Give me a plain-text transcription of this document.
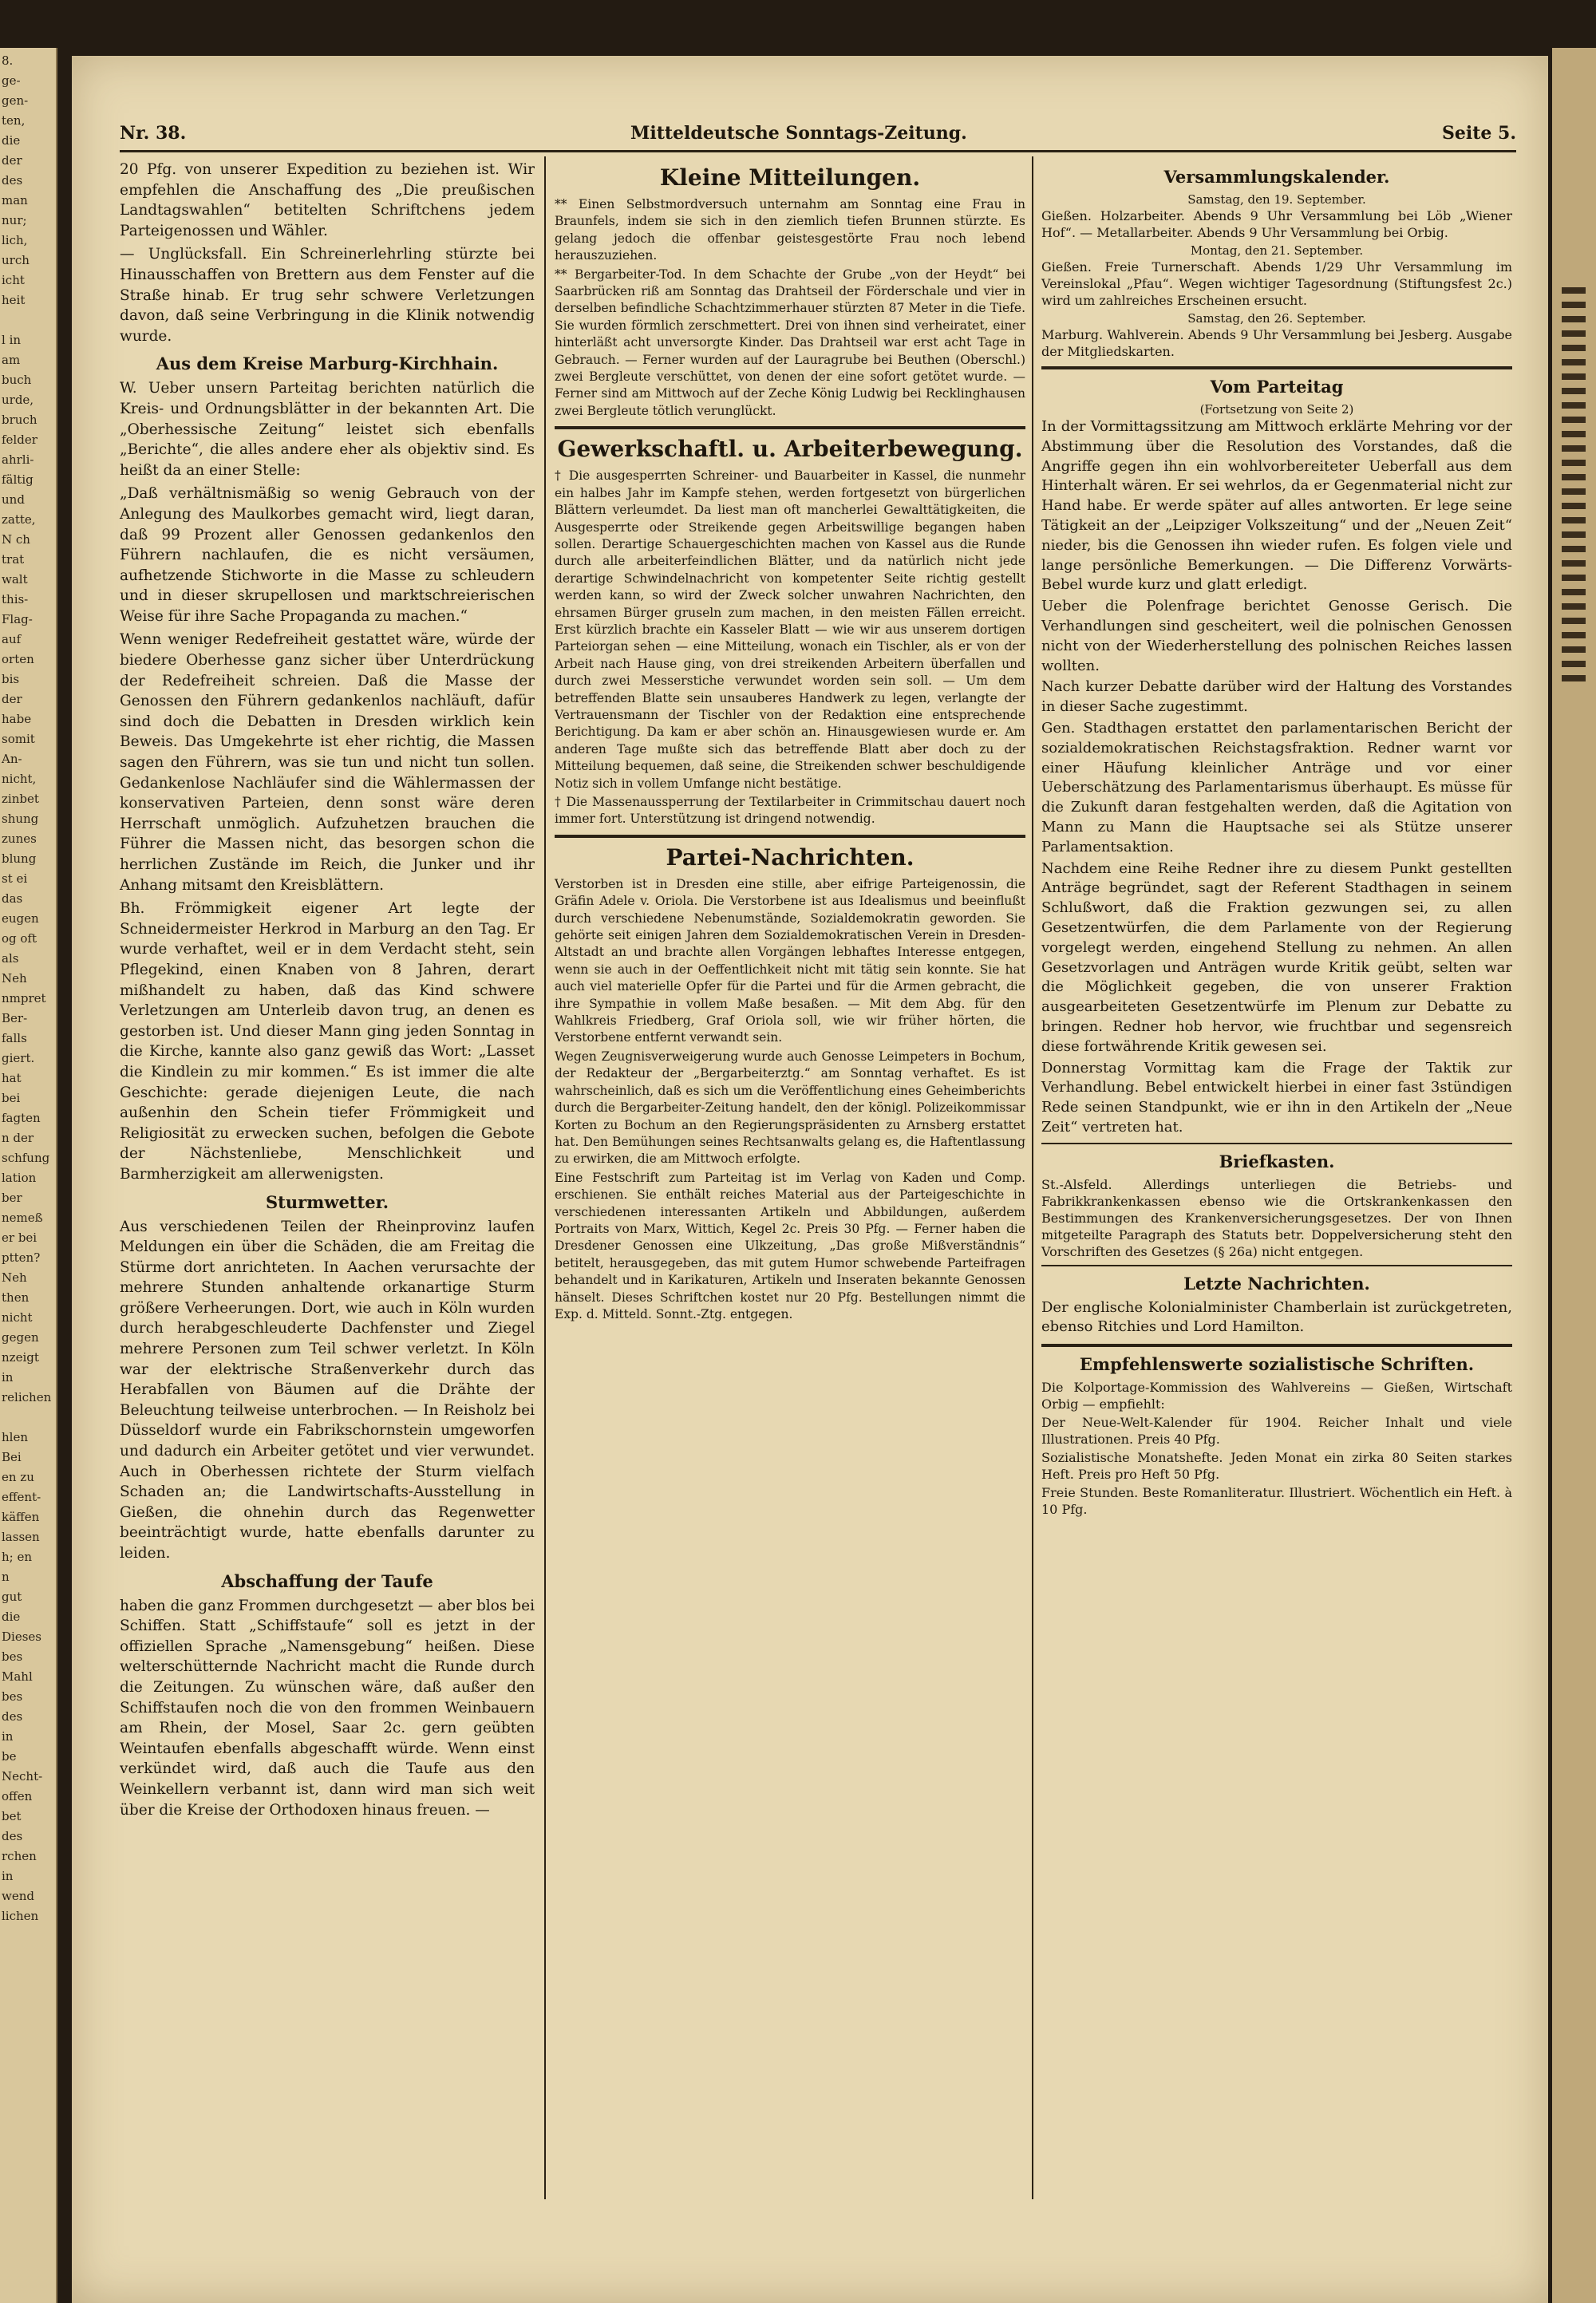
8.
ge-
gen-
ten,
die
der
des
man
nur;
lich,
urch
icht
heit

l in
am
buch
urde,
bruch
felder
ahrli-
fältig
und
zatte,
N ch
trat
walt
this-
Flag-
auf
orten
bis
der
habe
somit
An-
nicht,
zinbet
shung
zunes
blung
st ei
das
eugen
og oft
als
Neh
nmpret
Ber-
falls
giert.
hat
bei
fagten
n der
schfung
lation
ber
nemeß
er bei
ptten?
Neh
then
nicht
gegen
nzeigt
in
relichen

hlen
Bei
en zu
effent-
käffen
lassen
h; en
n
gut
die
Dieses
bes
Mahl
bes
des
in
be
Necht-
offen
bet
des
rchen
in
wend
lichen
Nr. 38.	Mitteldeutsche Sonntags-Zeitung.	Seite 5.

20 Pfg. von unserer Expedition zu beziehen ist. Wir empfehlen die Anschaffung des „Die preußischen Landtagswahlen“ betitelten Schriftchens jedem Parteigenossen und Wähler.

— Unglücksfall. Ein Schreinerlehrling stürzte bei Hinausschaffen von Brettern aus dem Fenster auf die Straße hinab. Er trug sehr schwere Verletzungen davon, daß seine Verbringung in die Klinik notwendig wurde.

Aus dem Kreise Marburg-Kirchhain.

W. Ueber unsern Parteitag berichten natürlich die Kreis- und Ordnungsblätter in der bekannten Art. Die „Oberhessische Zeitung“ leistet sich ebenfalls „Berichte“, die alles andere eher als objektiv sind. Es heißt da an einer Stelle:

„Daß verhältnismäßig so wenig Gebrauch von der Anlegung des Maulkorbes gemacht wird, liegt daran, daß 99 Prozent aller Genossen gedankenlos den Führern nachlaufen, die es nicht versäumen, aufhetzende Stichworte in die Masse zu schleudern und in dieser skrupellosen und marktschreierischen Weise für ihre Sache Propaganda zu machen.“

Wenn weniger Redefreiheit gestattet wäre, würde der biedere Oberhesse ganz sicher über Unterdrückung der Redefreiheit schreien. Daß die Masse der Genossen den Führern gedankenlos nachläuft, dafür sind doch die Debatten in Dresden wirklich kein Beweis. Das Umgekehrte ist eher richtig, die Massen sagen den Führern, was sie tun und nicht tun sollen. Gedankenlose Nachläufer sind die Wählermassen der konservativen Parteien, denn sonst wäre deren Herrschaft unmöglich. Aufzuhetzen brauchen die Führer die Massen nicht, das besorgen schon die herrlichen Zustände im Reich, die Junker und ihr Anhang mitsamt den Kreisblättern.

Bh. Frömmigkeit eigener Art legte der Schneidermeister Herkrod in Marburg an den Tag. Er wurde verhaftet, weil er in dem Verdacht steht, sein Pflegekind, einen Knaben von 8 Jahren, derart mißhandelt zu haben, daß das Kind schwere Verletzungen am Unterleib davon trug, an denen es gestorben ist. Und dieser Mann ging jeden Sonntag in die Kirche, kannte also ganz gewiß das Wort: „Lasset die Kindlein zu mir kommen.“ Es ist immer die alte Geschichte: gerade diejenigen Leute, die nach außenhin den Schein tiefer Frömmigkeit und Religiosität zu erwecken suchen, befolgen die Gebote der Nächstenliebe, Menschlichkeit und Barmherzigkeit am allerwenigsten.

Sturmwetter.

Aus verschiedenen Teilen der Rheinprovinz laufen Meldungen ein über die Schäden, die am Freitag die Stürme dort anrichteten. In Aachen verursachte der mehrere Stunden anhaltende orkanartige Sturm größere Verheerungen. Dort, wie auch in Köln wurden durch herabgeschleuderte Dachfenster und Ziegel mehrere Personen zum Teil schwer verletzt. In Köln war der elektrische Straßenverkehr durch das Herabfallen von Bäumen auf die Drähte der Beleuchtung teilweise unterbrochen. — In Reisholz bei Düsseldorf wurde ein Fabrikschornstein umgeworfen und dadurch ein Arbeiter getötet und vier verwundet. Auch in Oberhessen richtete der Sturm vielfach Schaden an; die Landwirtschafts-Ausstellung in Gießen, die ohnehin durch das Regenwetter beeinträchtigt wurde, hatte ebenfalls darunter zu leiden.

Abschaffung der Taufe

haben die ganz Frommen durchgesetzt — aber blos bei Schiffen. Statt „Schiffstaufe“ soll es jetzt in der offiziellen Sprache „Namensgebung“ heißen. Diese welterschütternde Nachricht macht die Runde durch die Zeitungen. Zu wünschen wäre, daß außer den Schiffstaufen noch die von den frommen Weinbauern am Rhein, der Mosel, Saar 2c. gern geübten Weintaufen ebenfalls abgeschafft würde. Wenn einst verkündet wird, daß auch die Taufe aus den Weinkellern verbannt ist, dann wird man sich weit über die Kreise der Orthodoxen hinaus freuen. —

Kleine Mitteilungen.

** Einen Selbstmordversuch unternahm am Sonntag eine Frau in Braunfels, indem sie sich in den ziemlich tiefen Brunnen stürzte. Es gelang jedoch die offenbar geistesgestörte Frau noch lebend herauszuziehen.

** Bergarbeiter-Tod. In dem Schachte der Grube „von der Heydt“ bei Saarbrücken riß am Sonntag das Drahtseil der Förderschale und vier in derselben befindliche Schachtzimmerhauer stürzten 87 Meter in die Tiefe. Sie wurden förmlich zerschmettert. Drei von ihnen sind verheiratet, einer hinterläßt acht unversorgte Kinder. Das Drahtseil war erst acht Tage in Gebrauch. — Ferner wurden auf der Lauragrube bei Beuthen (Oberschl.) zwei Bergleute verschüttet, von denen der eine sofort getötet wurde. — Ferner sind am Mittwoch auf der Zeche König Ludwig bei Recklinghausen zwei Bergleute tötlich verunglückt.

Gewerkschaftl. u. Arbeiterbewegung.

† Die ausgesperrten Schreiner- und Bauarbeiter in Kassel, die nunmehr ein halbes Jahr im Kampfe stehen, werden fortgesetzt von bürgerlichen Blättern verleumdet. Da liest man oft mancherlei Gewalttätigkeiten, die Ausgesperrte oder Streikende gegen Arbeitswillige begangen haben sollen. Derartige Schauergeschichten machen von Kassel aus die Runde durch alle arbeiterfeindlichen Blätter, und da natürlich nicht jede derartige Schwindelnachricht von kompetenter Seite richtig gestellt werden kann, so wird der Zweck solcher unwahren Nachrichten, den ehrsamen Bürger gruseln zum machen, in den meisten Fällen erreicht. Erst kürzlich brachte ein Kasseler Blatt — wie wir aus unserem dortigen Parteiorgan sehen — eine Mitteilung, wonach ein Tischler, als er von der Arbeit nach Hause ging, von drei streikenden Arbeitern überfallen und durch zwei Messerstiche verwundet worden sein soll. — Um dem betreffenden Blatte sein unsauberes Handwerk zu legen, verlangte der Vertrauensmann der Tischler von der Redaktion eine entsprechende Berichtigung. Da kam er aber schön an. Hinausgewiesen wurde er. Am anderen Tage mußte sich das betreffende Blatt aber doch zu der Mitteilung bequemen, daß seine, die Streikenden schwer beschuldigende Notiz sich in vollem Umfange nicht bestätige.

† Die Massenaussperrung der Textilarbeiter in Crimmitschau dauert noch immer fort. Unterstützung ist dringend notwendig.

Partei-Nachrichten.

Verstorben ist in Dresden eine stille, aber eifrige Parteigenossin, die Gräfin Adele v. Oriola. Die Verstorbene ist aus Idealismus und beeinflußt durch verschiedene Nebenumstände, Sozialdemokratin geworden. Sie gehörte seit einigen Jahren dem Sozialdemokratischen Verein in Dresden-Altstadt an und brachte allen Vorgängen lebhaftes Interesse entgegen, wenn sie auch in der Oeffentlichkeit nicht mit tätig sein konnte. Sie hat auch viel materielle Opfer für die Partei und für die Armen gebracht, die ihre Sympathie in vollem Maße besaßen. — Mit dem Abg. für den Wahlkreis Friedberg, Graf Oriola soll, wie wir früher hörten, die Verstorbene entfernt verwandt sein.

Wegen Zeugnisverweigerung wurde auch Genosse Leimpeters in Bochum, der Redakteur der „Bergarbeiterztg.“ am Sonntag verhaftet. Es ist wahrscheinlich, daß es sich um die Veröffentlichung eines Geheimberichts durch die Bergarbeiter-Zeitung handelt, den der königl. Polizeikommissar Korten zu Bochum an den Regierungspräsidenten zu Arnsberg erstattet hat. Den Bemühungen seines Rechtsanwalts gelang es, die Haftentlassung zu erwirken, die am Mittwoch erfolgte.

Eine Festschrift zum Parteitag ist im Verlag von Kaden und Comp. erschienen. Sie enthält reiches Material aus der Parteigeschichte in verschiedenen interessanten Artikeln und Abbildungen, außerdem Portraits von Marx, Wittich, Kegel 2c. Preis 30 Pfg. — Ferner haben die Dresdener Genossen eine Ulkzeitung, „Das große Mißverständnis“ betitelt, herausgegeben, das mit gutem Humor schwebende Parteifragen behandelt und in Karikaturen, Artikeln und Inseraten bekannte Genossen hänselt. Dieses Schriftchen kostet nur 20 Pfg. Bestellungen nimmt die Exp. d. Mitteld. Sonnt.-Ztg. entgegen.

Versammlungskalender.
Samstag, den 19. September.

Gießen. Holzarbeiter. Abends 9 Uhr Versammlung bei Löb „Wiener Hof“. — Metallarbeiter. Abends 9 Uhr Versammlung bei Orbig.

Montag, den 21. September.

Gießen. Freie Turnerschaft. Abends 1/29 Uhr Versammlung im Vereinslokal „Pfau“. Wegen wichtiger Tagesordnung (Stiftungsfest 2c.) wird um zahlreiches Erscheinen ersucht.

Samstag, den 26. September.

Marburg. Wahlverein. Abends 9 Uhr Versammlung bei Jesberg. Ausgabe der Mitgliedskarten.

Vom Parteitag
(Fortsetzung von Seite 2)

In der Vormittagssitzung am Mittwoch erklärte Mehring vor der Abstimmung über die Resolution des Vorstandes, daß die Angriffe gegen ihn ein wohlvorbereiteter Ueberfall aus dem Hinterhalt wären. Er sei wehrlos, da er Gegenmaterial nicht zur Hand habe. Er werde später auf alles antworten. Er lege seine Tätigkeit an der „Leipziger Volkszeitung“ und der „Neuen Zeit“ nieder, bis die Genossen ihn wieder rufen. Es folgen viele und lange persönliche Bemerkungen. — Die Differenz Vorwärts-Bebel wurde kurz und glatt erledigt.

Ueber die Polenfrage berichtet Genosse Gerisch. Die Verhandlungen sind gescheitert, weil die polnischen Genossen nicht von der Wiederherstellung des polnischen Reiches lassen wollten.

Nach kurzer Debatte darüber wird der Haltung des Vorstandes in dieser Sache zugestimmt.

Gen. Stadthagen erstattet den parlamentarischen Bericht der sozialdemokratischen Reichstagsfraktion. Redner warnt vor einer Häufung kleinlicher Anträge und vor einer Ueberschätzung des Parlamentarismus überhaupt. Es müsse für die Zukunft daran festgehalten werden, daß die Agitation von Mann zu Mann die Hauptsache sei als Stütze unserer Parlamentsaktion.

Nachdem eine Reihe Redner ihre zu diesem Punkt gestellten Anträge begründet, sagt der Referent Stadthagen in seinem Schlußwort, daß die Fraktion gezwungen sei, zu allen Gesetzentwürfen, die dem Parlamente von der Regierung vorgelegt werden, eingehend Stellung zu nehmen. An allen Gesetzvorlagen und Anträgen wurde Kritik geübt, selten war die Möglichkeit gegeben, die von unserer Fraktion ausgearbeiteten Gesetzentwürfe im Plenum zur Debatte zu bringen. Redner hob hervor, wie fruchtbar und segensreich diese fortwährende Kritik gewesen sei.

Donnerstag Vormittag kam die Frage der Taktik zur Verhandlung. Bebel entwickelt hierbei in einer fast 3stündigen Rede seinen Standpunkt, wie er ihn in den Artikeln der „Neue Zeit“ vertreten hat.

Briefkasten.

St.-Alsfeld. Allerdings unterliegen die Betriebs- und Fabrikkrankenkassen ebenso wie die Ortskrankenkassen den Bestimmungen des Krankenversicherungsgesetzes. Der von Ihnen mitgeteilte Paragraph des Statuts betr. Doppelversicherung steht den Vorschriften des Gesetzes (§ 26a) nicht entgegen.

Letzte Nachrichten.

Der englische Kolonialminister Chamberlain ist zurückgetreten, ebenso Ritchies und Lord Hamilton.

Empfehlenswerte sozialistische Schriften.

Die Kolportage-Kommission des Wahlvereins — Gießen, Wirtschaft Orbig — empfiehlt:

Der Neue-Welt-Kalender für 1904. Reicher Inhalt und viele Illustrationen. Preis 40 Pfg.

Sozialistische Monatshefte. Jeden Monat ein zirka 80 Seiten starkes Heft. Preis pro Heft 50 Pfg.

Freie Stunden. Beste Romanliteratur. Illustriert. Wöchentlich ein Heft. à 10 Pfg.
